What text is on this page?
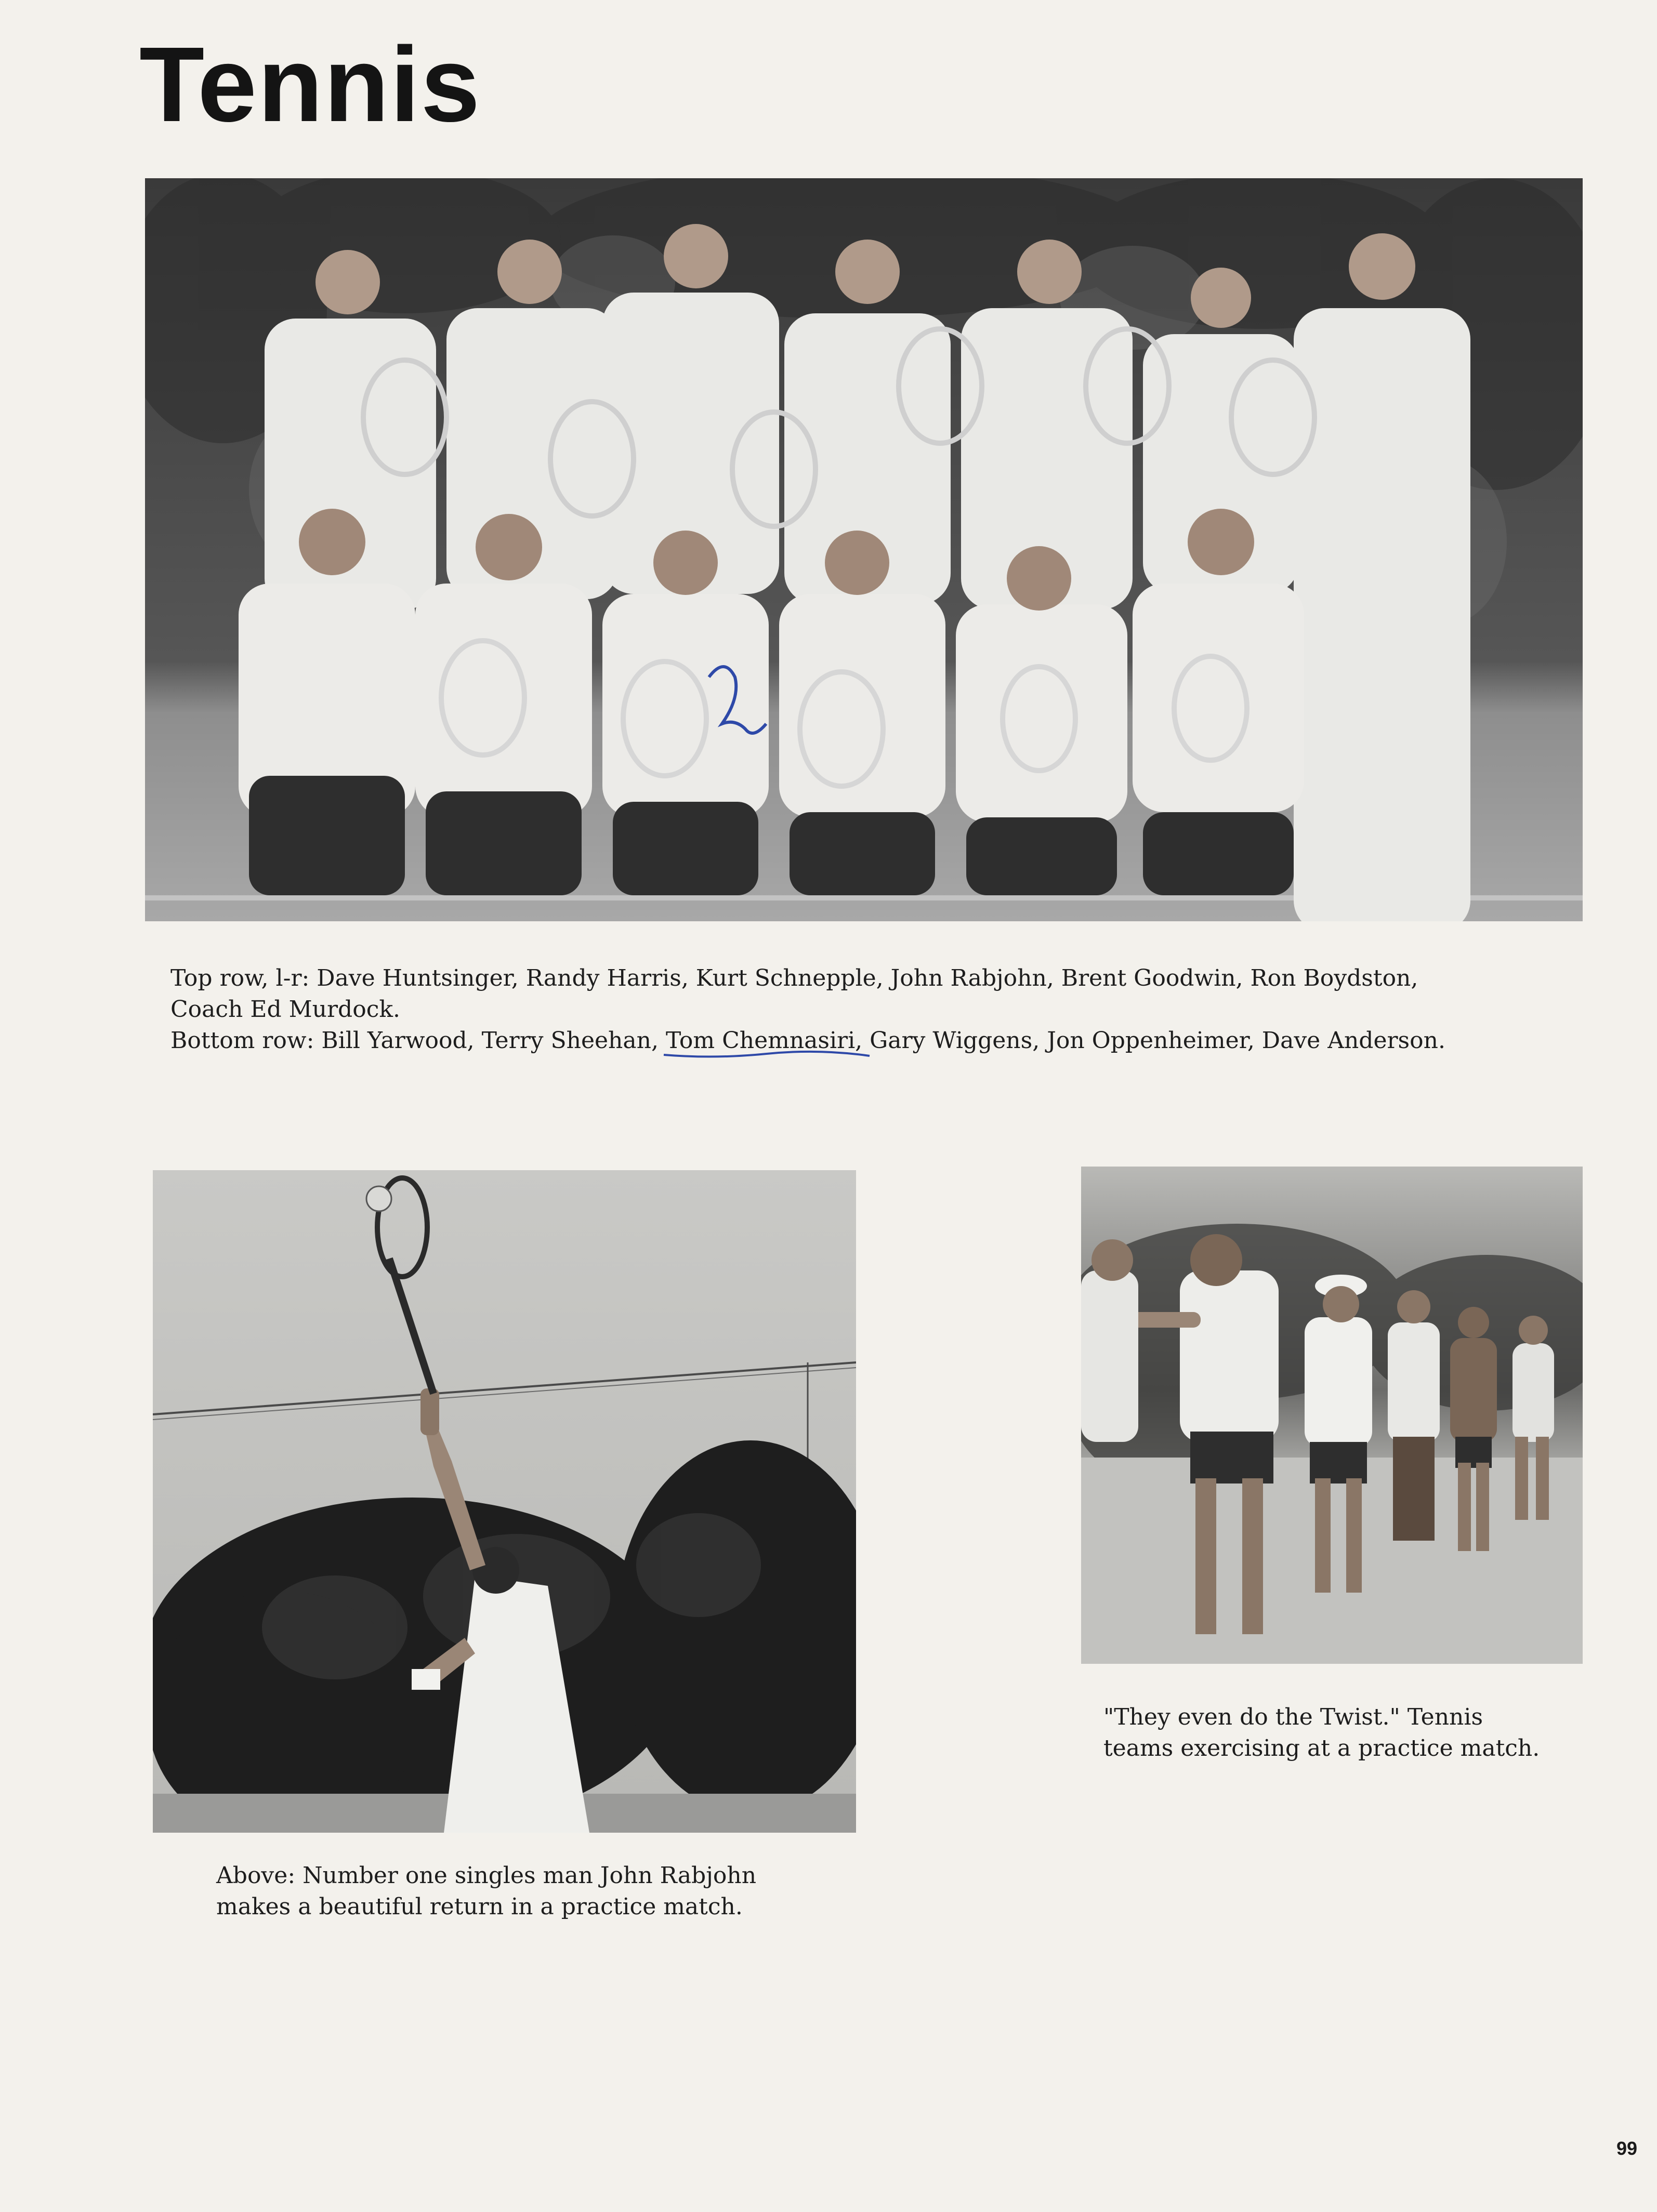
Tennis

Top row, l-r: Dave Huntsinger, Randy Harris, Kurt Schnepple, John Rabjohn, Brent Goodwin, Ron Boydston,

Coach Ed Murdock.

Bottom row: Bill Yarwood, Terry Sheehan, Tom Chemnasiri
, Gary Wiggens, Jon Oppenheimer, Dave Anderson.

Above: Number one singles man John Rabjohn

makes a beautiful return in a practice match.

"They even do the Twist." Tennis

teams exercising at a practice match.

99
